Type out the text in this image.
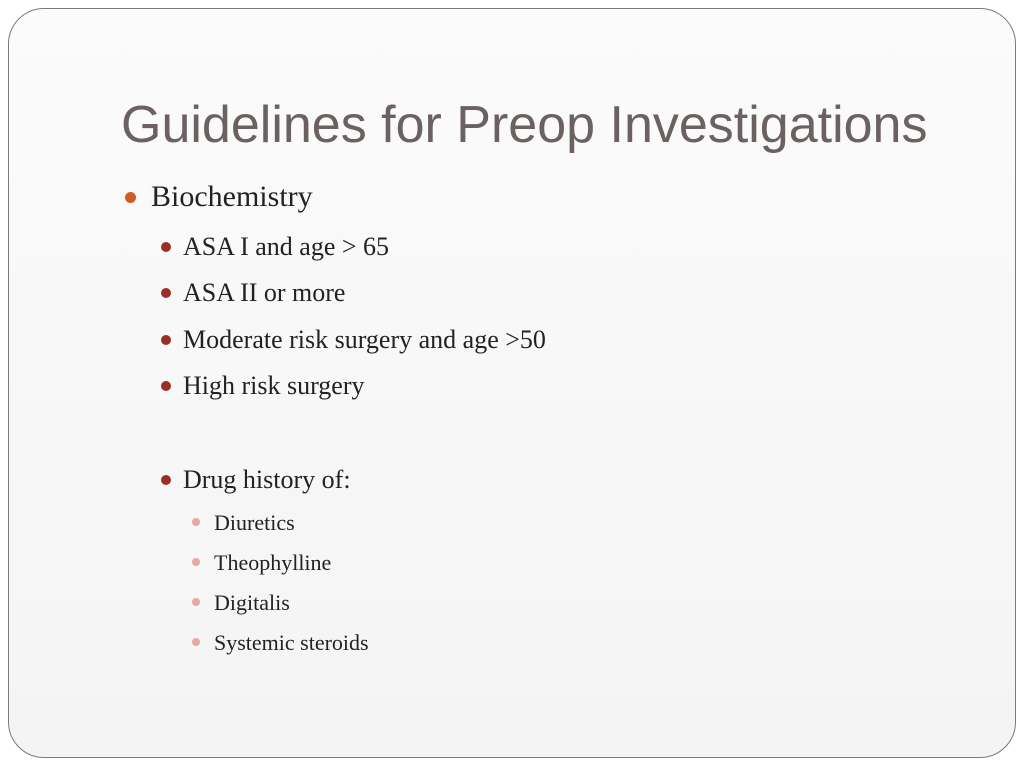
Guidelines for Preop Investigations
Biochemistry
ASA I and age > 65
ASA II or more
Moderate risk surgery and age >50
High risk surgery
Drug history of:
Diuretics
Theophylline
Digitalis
Systemic steroids
